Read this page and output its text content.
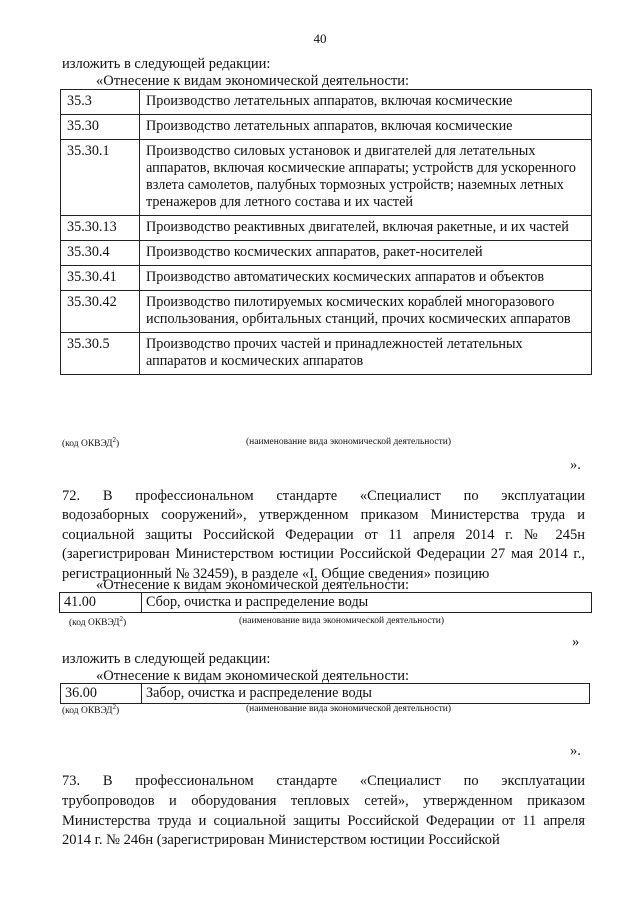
40
изложить в следующей редакции:
«Отнесение к видам экономической деятельности:
35.3	Производство летательных аппаратов, включая космические
35.30	Производство летательных аппаратов, включая космические
35.30.1	Производство силовых установок и двигателей для летательных аппаратов, включая космические аппараты; устройств для ускоренного взлета самолетов, палубных тормозных устройств; наземных летных тренажеров для летного состава и их частей
35.30.13	Производство реактивных двигателей, включая ракетные, и их частей
35.30.4	Производство космических аппаратов, ракет-носителей
35.30.41	Производство автоматических космических аппаратов и объектов
35.30.42	Производство пилотируемых космических кораблей многоразового использования, орбитальных станций, прочих космических аппаратов
35.30.5	Производство прочих частей и принадлежностей летательных аппаратов и космических аппаратов
(код ОКВЭД$^2$)	(наименование вида экономической деятельности)
».
72. В профессиональном стандарте «Специалист по эксплуатации
водозаборных сооружений», утвержденном приказом Министерства труда и социальной защиты Российской Федерации от 11 апреля 2014 г. № 245н (зарегистрирован Министерством юстиции Российской Федерации 27 мая 2014 г., регистрационный № 32459), в разделе «I. Общие сведения» позицию
«Отнесение к видам экономической деятельности:
41.00	Сбор, очистка и распределение воды
(код ОКВЭД$^2$)	(наименование вида экономической деятельности)
»
изложить в следующей редакции:
«Отнесение к видам экономической деятельности:
36.00	Забор, очистка и распределение воды
(код ОКВЭД$^2$)	(наименование вида экономической деятельности)
».
73. В профессиональном стандарте «Специалист по эксплуатации
трубопроводов и оборудования тепловых сетей», утвержденном приказом Министерства труда и социальной защиты Российской Федерации от 11 апреля 2014 г. № 246н (зарегистрирован Министерством юстиции Российской
